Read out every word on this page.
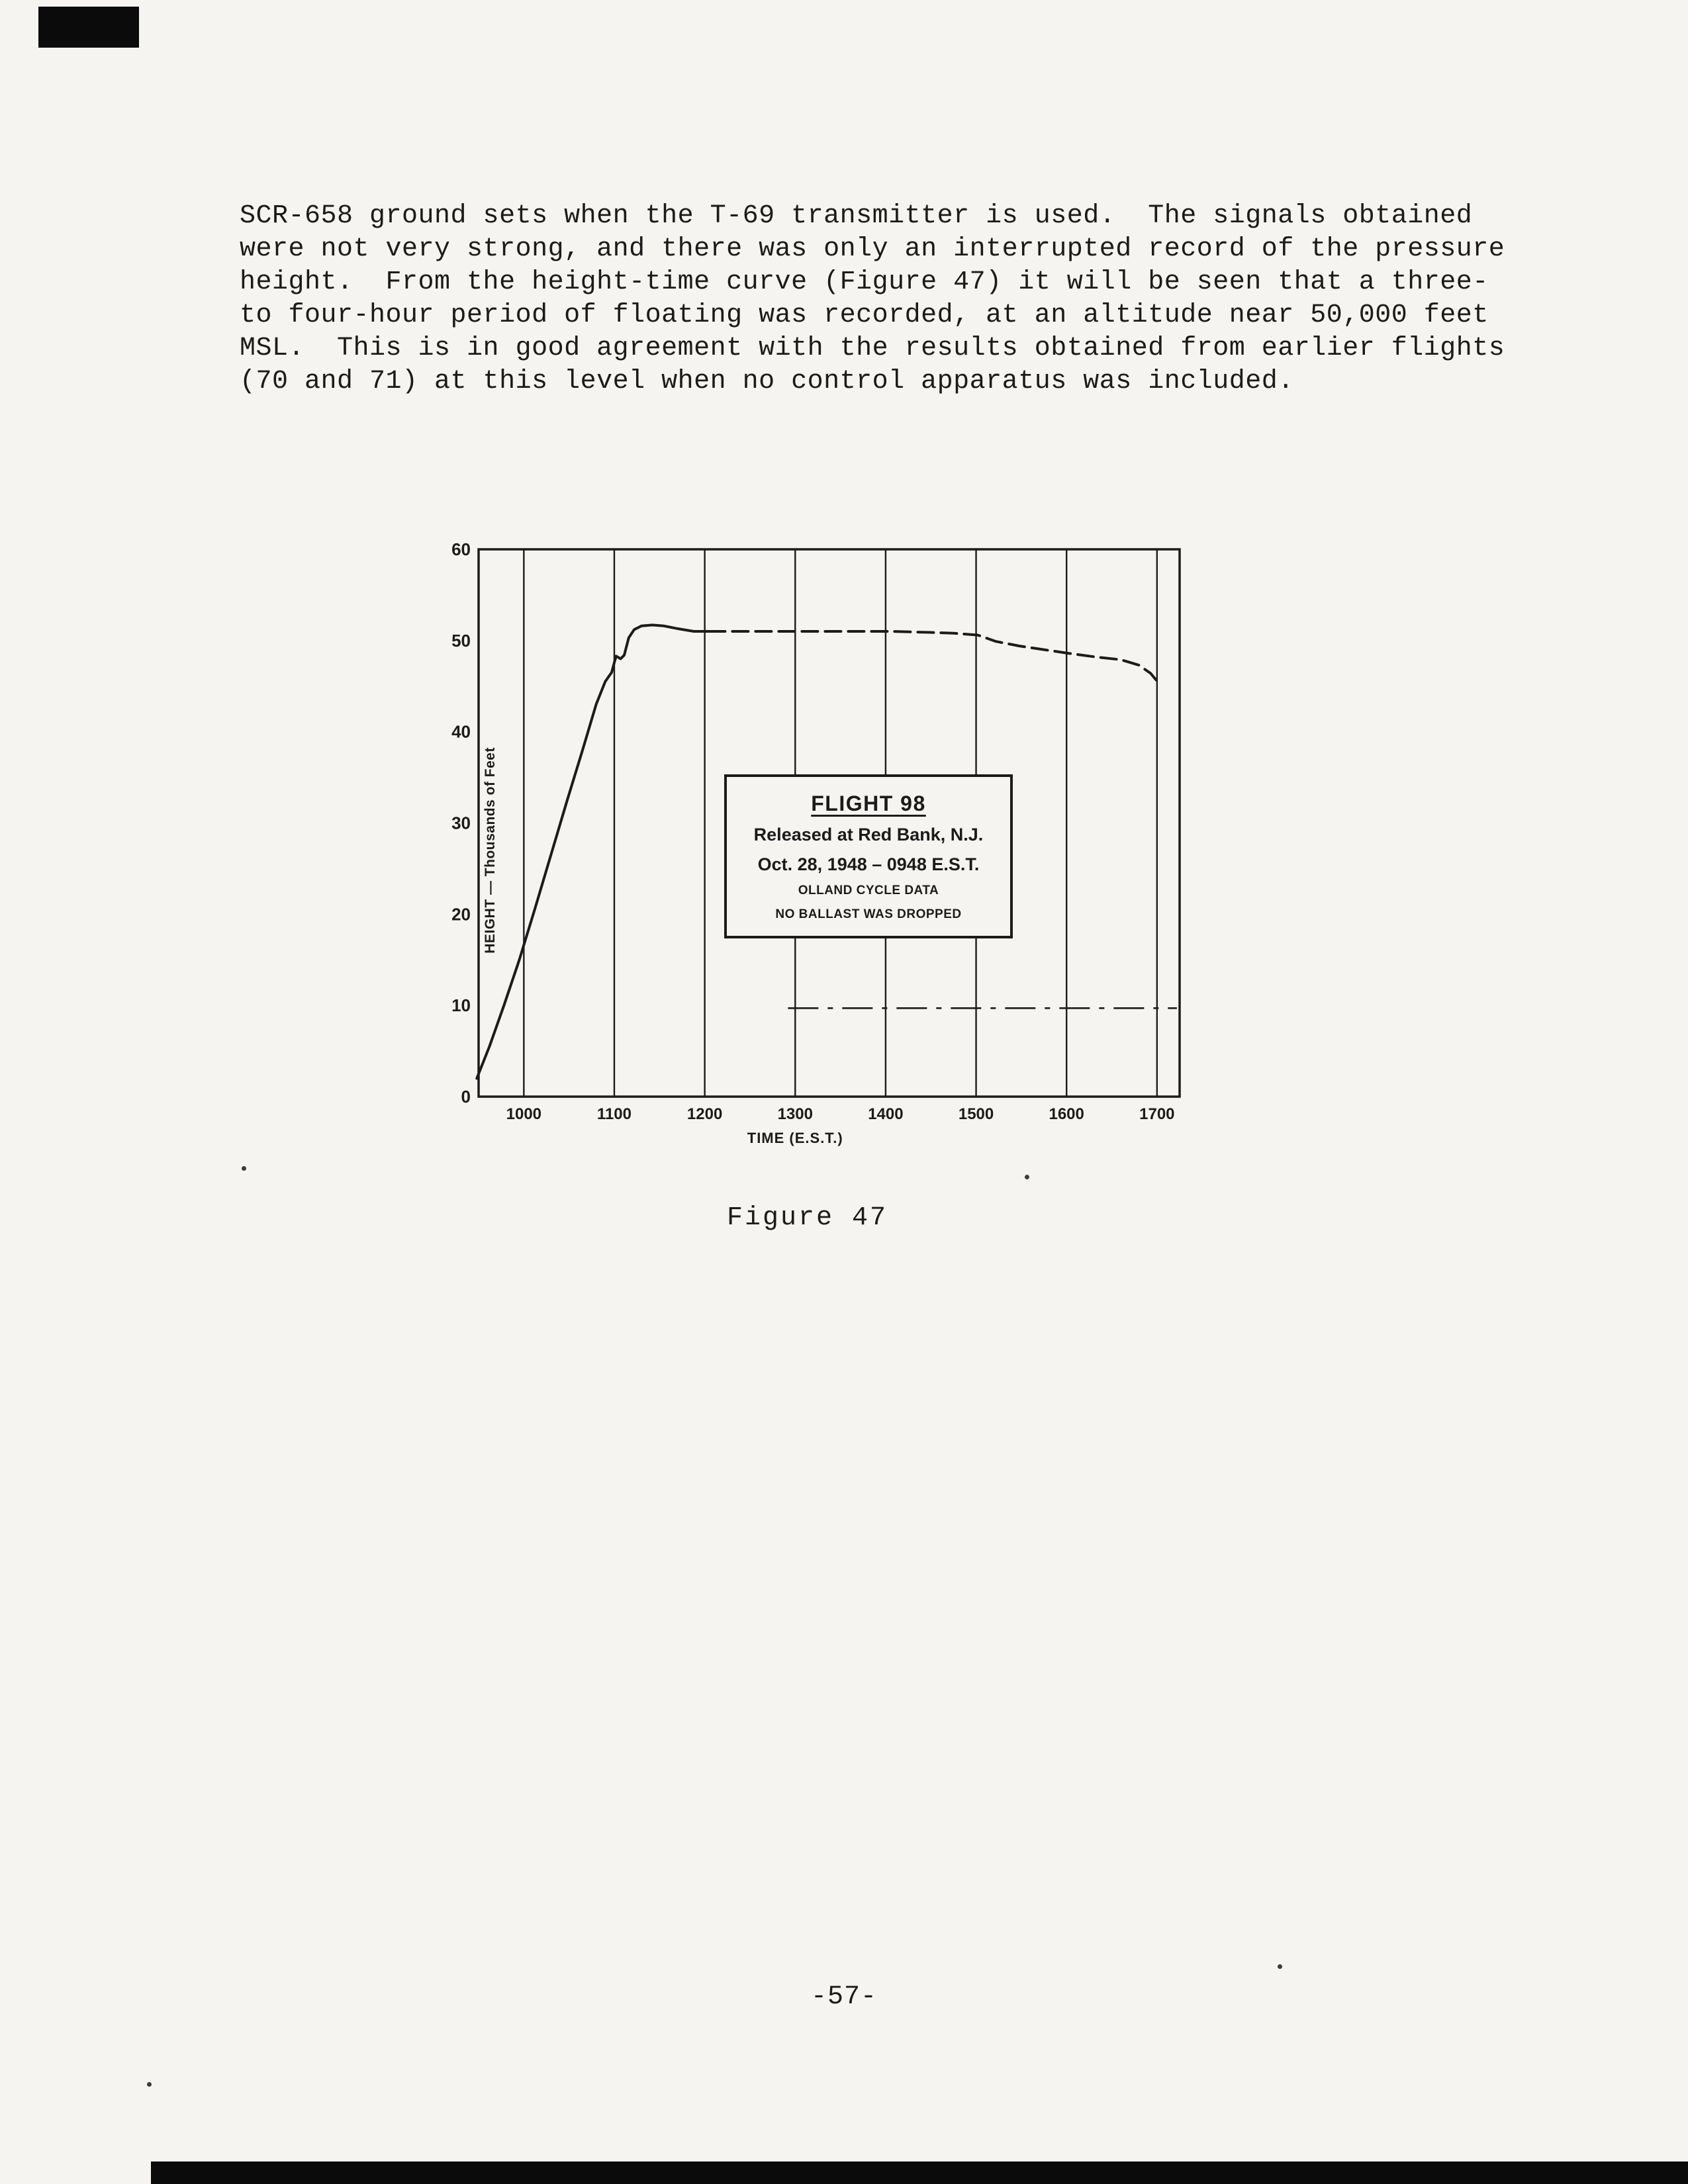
SCR-658 ground sets when the T-69 transmitter is used.  The signals obtained
were not very strong, and there was only an interrupted record of the pressure
height.  From the height-time curve (Figure 47) it will be seen that a three-
to four-hour period of floating was recorded, at an altitude near 50,000 feet
MSL.  This is in good agreement with the results obtained from earlier flights
(70 and 71) at this level when no control apparatus was included.
1000	1100	1200	1300	1400	1500	1600	1700
0
10
20
30
40
50
60
TIME (E.S.T.)
HEIGHT — Thousands of Feet	FLIGHT 98
Released at Red Bank, N.J.
Oct. 28, 1948 – 0948 E.S.T.
OLLAND CYCLE DATA
NO BALLAST WAS DROPPED
Figure 47
-57-
